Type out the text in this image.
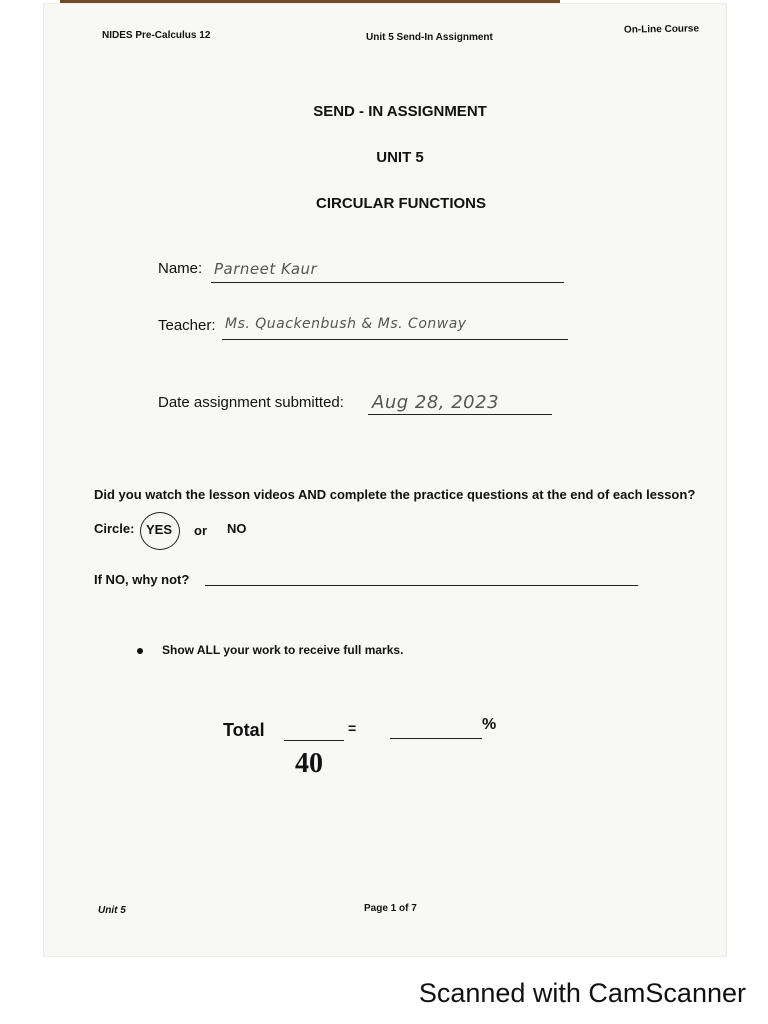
NIDES Pre-Calculus 12	Unit 5 Send-In Assignment
On-Line Course
SEND - IN ASSIGNMENT
UNIT 5
CIRCULAR FUNCTIONS
Name: Parneet Kaur
Teacher: Ms. Quackenbush & Ms. Conway
Date assignment submitted: Aug 28, 2023
Did you watch the lesson videos AND complete the practice questions at the end of each lesson?
Circle: YES or NO
If NO, why not?
Show ALL your work to receive full marks.
Total	=	%
40
Unit 5	Page 1 of 7
Scanned with CamScanner
